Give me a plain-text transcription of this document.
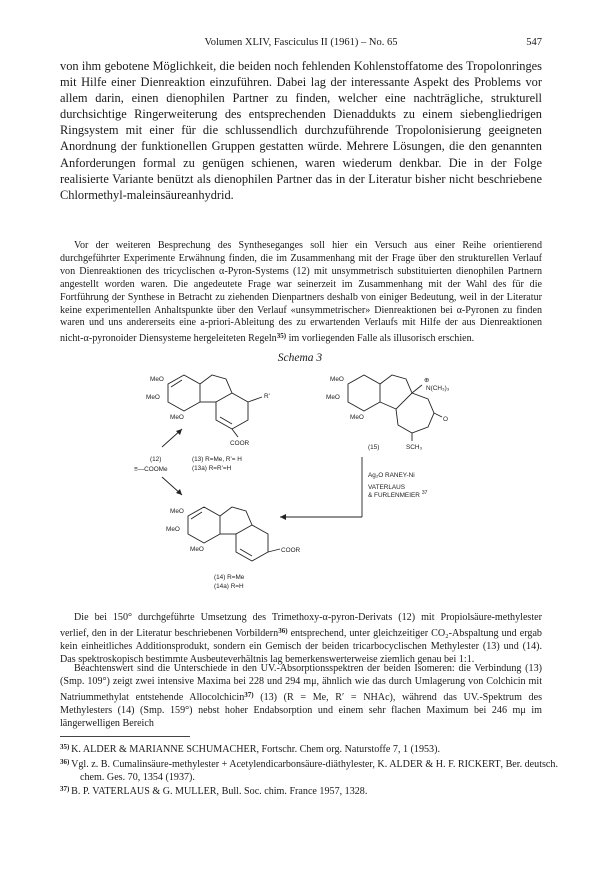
Volumen XLIV, Fasciculus II (1961) – No. 65	547

von ihm gebotene Möglichkeit, die beiden noch fehlenden Kohlenstoffatome des Tropolonringes mit Hilfe einer Dienreaktion einzuführen. Dabei lag der interessante Aspekt des Problems vor allem darin, einen dienophilen Partner zu finden, welcher eine nachträgliche, strukturell durchsichtige Ringerweiterung des entsprechenden Dienaddukts zu einem siebengliedrigen Ringsystem mit einer für die schlussendlich durchzuführende Tropolonisierung geeigneten Anordnung der funktionellen Gruppen gestatten würde. Mehrere Lösungen, die den genannten Anforderungen formal zu genügen schienen, waren wiederum denkbar. Die in der Folge realisierte Variante benützt als dienophilen Partner das in der Literatur bisher nicht beschriebene Chlormethyl-maleinsäureanhydrid.

Vor der weiteren Besprechung des Syntheseganges soll hier ein Versuch aus einer Reihe orientierend durchgeführter Experimente Erwähnung finden, die im Zusammenhang mit der Frage über den strukturellen Verlauf von Dienreaktionen des tricyclischen α-Pyron-Systems (12) mit unsymmetrisch substituierten dienophilen Partnern angestellt worden waren. Die angedeutete Frage war seinerzeit im Zusammenhang mit der Wahl des für die Fortführung der Synthese in Betracht zu ziehenden Dienpartners deshalb von einiger Bedeutung, weil in der Literatur keine experimentellen Anhaltspunkte über den Verlauf «unsymmetrischer» Dienreaktionen bei α-Pyronen zu finden waren und uns andererseits eine a-priori-Ableitung des zu erwartenden Verlaufs mit Hilfe der aus Dienreaktionen nicht-α-pyronoider Diensysteme hergeleiteten Regeln$^{35)}$ im vorliegenden Falle als illusorisch erschien.

Schema 3
MeO
MeO
MeO
R'
COOR
(12)
≡—COOMe
(13) R=Me, R'= H
(13a) R=R'=H
MeO
MeO
MeO
⊕
N(CH₃)₃
O
SCH₃
(15)
Ag₂O RANEY-Ni
VATERLAUS
& FURLENMEIER $^{37}$
MeO
MeO
MeO	COOR
(14) R=Me
(14a) R=H

Die bei 150° durchgeführte Umsetzung des Trimethoxy-α-pyron-Derivats (12) mit Propiolsäure-methylester verlief, den in der Literatur beschriebenen Vorbildern$^{36)}$ entsprechend, unter gleichzeitiger CO₂-Abspaltung und ergab kein einheitliches Additionsprodukt, sondern ein Gemisch der beiden tricarbocyclischen Methylester (13) und (14). Das spektroskopisch bestimmte Ausbeuteverhältnis lag bemerkenswerterweise ziemlich genau bei 1:1.

Beachtenswert sind die Unterschiede in den UV.-Absorptionsspektren der beiden Isomeren: die Verbindung (13) (Smp. 109°) zeigt zwei intensive Maxima bei 228 und 294 mμ, ähnlich wie das durch Umlagerung von Colchicin mit Natriummethylat entstehende Allocolchicin$^{37)}$ (13) (R = Me, R′ = NHAc), während das UV.-Spektrum des Methylesters (14) (Smp. 159°) nebst hoher Endabsorption und einem sehr flachen Maximum bei 246 mμ im längerwelligen Bereich

$^{35)}$ K. ALDER & MARIANNE SCHUMACHER, Fortschr. Chem org. Naturstoffe 7, 1 (1953).

$^{36)}$ Vgl. z. B. Cumalinsäure-methylester + Acetylendicarbonsäure-diäthylester, K. ALDER & H. F. RICKERT, Ber. deutsch. chem. Ges. 70, 1354 (1937).

$^{37)}$ B. P. VATERLAUS & G. MULLER, Bull. Soc. chim. France 1957, 1328.
